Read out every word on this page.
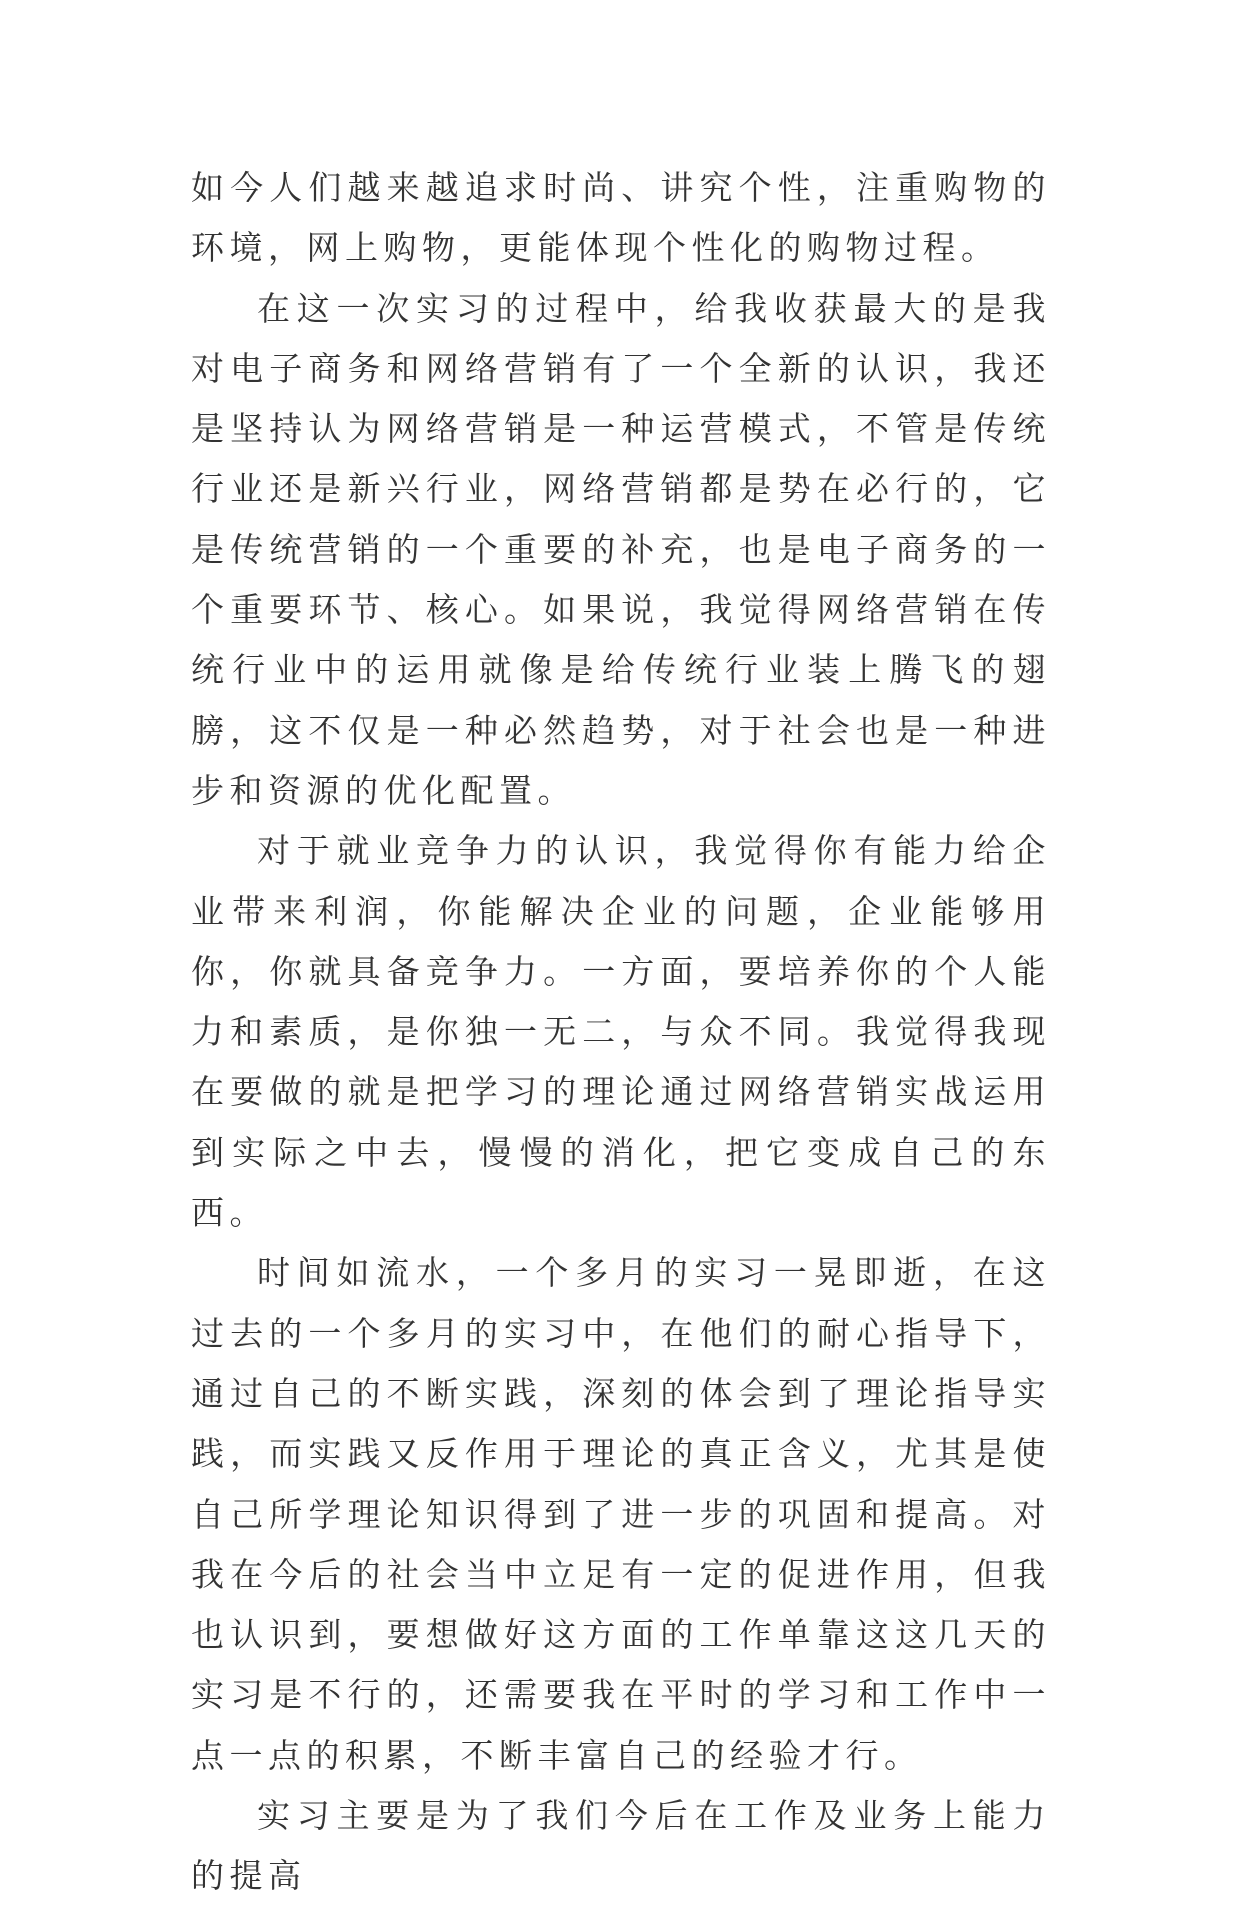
如今人们越来越追求时尚、讲究个性，注重购物的环境，网上购物，更能体现个性化的购物过程。

在这一次实习的过程中，给我收获最大的是我对电子商务和网络营销有了一个全新的认识，我还是坚持认为网络营销是一种运营模式，不管是传统行业还是新兴行业，网络营销都是势在必行的，它是传统营销的一个重要的补充，也是电子商务的一个重要环节、核心。如果说，我觉得网络营销在传统行业中的运用就像是给传统行业装上腾飞的翅膀，这不仅是一种必然趋势，对于社会也是一种进步和资源的优化配置。

对于就业竞争力的认识，我觉得你有能力给企业带来利润，你能解决企业的问题，企业能够用你，你就具备竞争力。一方面，要培养你的个人能力和素质，是你独一无二，与众不同。我觉得我现在要做的就是把学习的理论通过网络营销实战运用到实际之中去，慢慢的消化，把它变成自己的东西。

时间如流水，一个多月的实习一晃即逝，在这过去的一个多月的实习中，在他们的耐心指导下，通过自己的不断实践，深刻的体会到了理论指导实践，而实践又反作用于理论的真正含义，尤其是使自己所学理论知识得到了进一步的巩固和提高。对我在今后的社会当中立足有一定的促进作用，但我也认识到，要想做好这方面的工作单靠这这几天的实习是不行的，还需要我在平时的学习和工作中一点一点的积累，不断丰富自己的经验才行。

实习主要是为了我们今后在工作及业务上能力的提高
